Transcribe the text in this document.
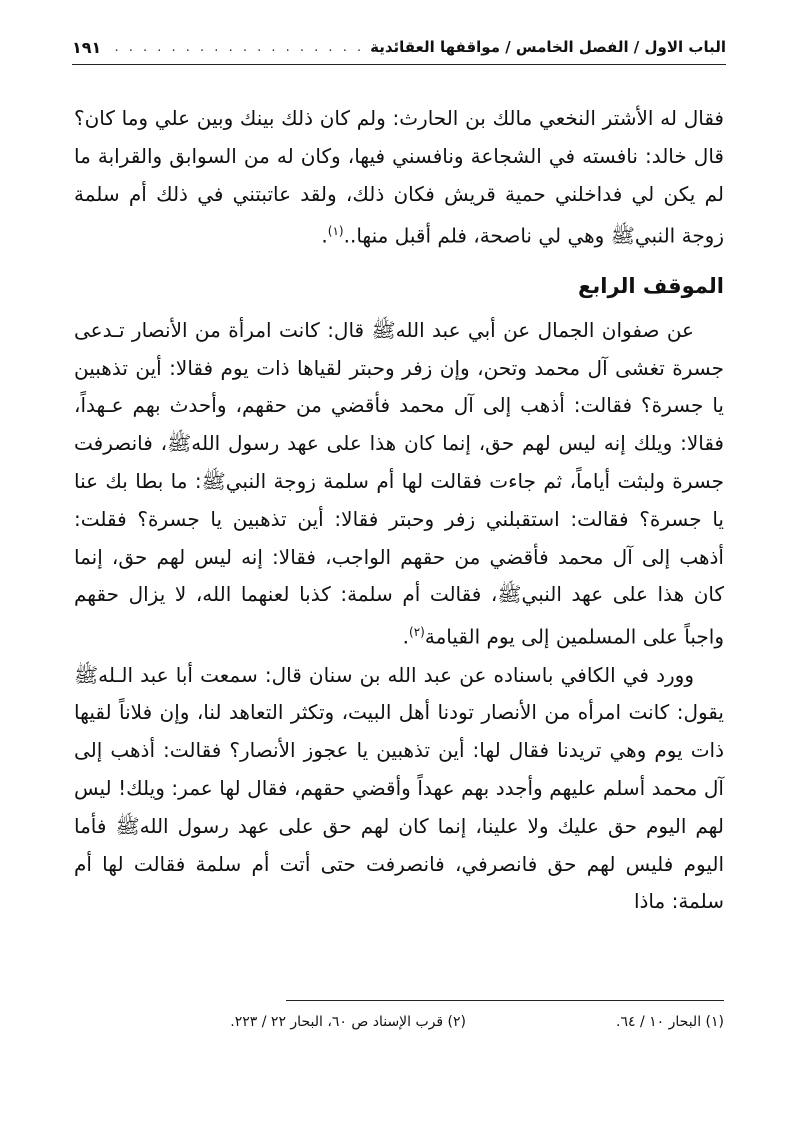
الباب الاول / الفصل الخامس / مواقفها العقائدية
. . .
١٩١

فقال له الأشتر النخعي مالك بن الحارث: ولم كان ذلك بينك وبين علي وما كان؟ قال خالد: نافسته في الشجاعة ونافسني فيها، وكان له من السوابق والقرابة ما لم يكن لي فداخلني حمية قريش فكان ذلك، ولقد عاتبتني في ذلك أم سلمة زوجة النبيﷺ وهي لي ناصحة، فلم أقبل منها..$^{(١)}$.

الموقف الرابع

عن صفوان الجمال عن أبي عبد اللهﷺ قال: كانت امرأة من الأنصار تـدعى جسرة تغشى آل محمد وتحن، وإن زفر وحبتر لقياها ذات يوم فقالا: أين تذهبين يا جسرة؟ فقالت: أذهب إلى آل محمد فأقضي من حقهم، وأحدث بهم عـهداً، فقالا: ويلك إنه ليس لهم حق، إنما كان هذا على عهد رسول اللهﷺ، فانصرفت جسرة ولبثت أياماً، ثم جاءت فقالت لها أم سلمة زوجة النبيﷺ: ما بطا بك عنا يا جسرة؟ فقالت: استقبلني زفر وحبتر فقالا: أين تذهبين يا جسرة؟ فقلت: أذهب إلى آل محمد فأقضي من حقهم الواجب، فقالا: إنه ليس لهم حق، إنما كان هذا على عهد النبيﷺ، فقالت أم سلمة: كذبا لعنهما الله، لا يزال حقهم واجباً على المسلمين إلى يوم القيامة$^{(٢)}$.

وورد في الكافي باسناده عن عبد الله بن سنان قال: سمعت أبا عبد الـلهﷺ يقول: كانت امرأه من الأنصار تودنا أهل البيت، وتكثر التعاهد لنا، وإن فلاناً لقيها ذات يوم وهي تريدنا فقال لها: أين تذهبين يا عجوز الأنصار؟ فقالت: أذهب إلى آل محمد أسلم عليهم وأجدد بهم عهداً وأقضي حقهم، فقال لها عمر: ويلك! ليس لهم اليوم حق عليك ولا علينا، إنما كان لهم حق على عهد رسول اللهﷺ فأما اليوم فليس لهم حق فانصرفي، فانصرفت حتى أتت أم سلمة فقالت لها أم سلمة: ماذا

(١) البحار ١٠ / ٦٤.
(٢) قرب الإسناد ص ٦٠، البحار ٢٢ / ٢٢٣.
